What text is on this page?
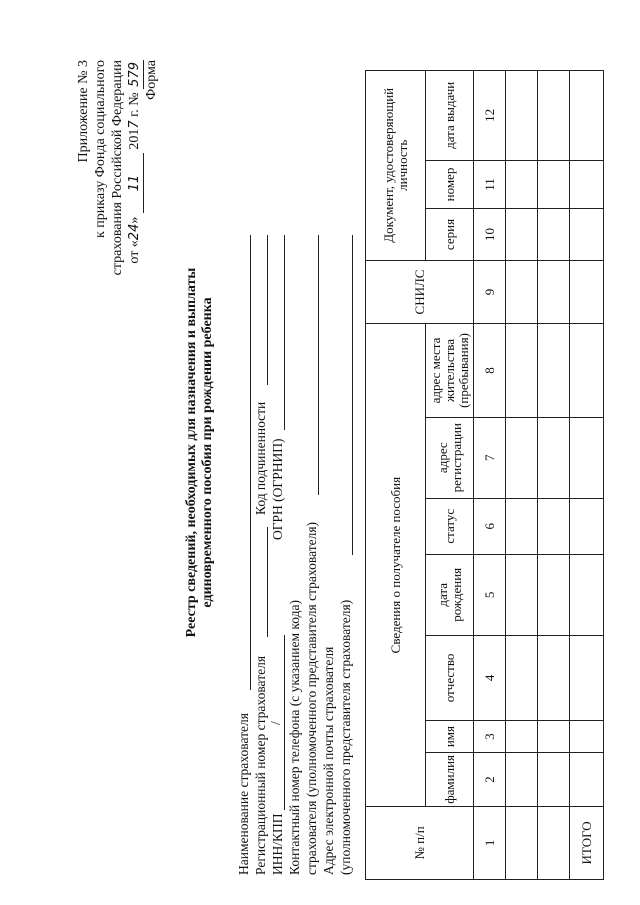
Приложение № 3 к приказу Фонда социального страхования Российской Федерации от «24» 11 2017 г. № 579 Форма
Реестр сведений, необходимых для назначения и выплаты единовременного пособия при рождении ребенка
Наименование страхователя Регистрационный номер страхователя
Код подчиненности
ИНН/КПП
/
ОГРН (ОГРНИП)
Контактный номер телефона (с указанием кода) страхователя (уполномоченного представителя страхователя) Адрес электронной почты страхователя (уполномоченного представителя страхователя)	№ п/п	Сведения о получателе пособия							СНИЛС	Документ, удостоверяющий личность		
	фамилия	имя	отчество	дата рождения	статус	адрес регистрации	адрес места жительства (пребывания)		серия	номер	дата выдачи
1	2	3	4	5	6	7	8	9	10	11	12

ИТОГО											
